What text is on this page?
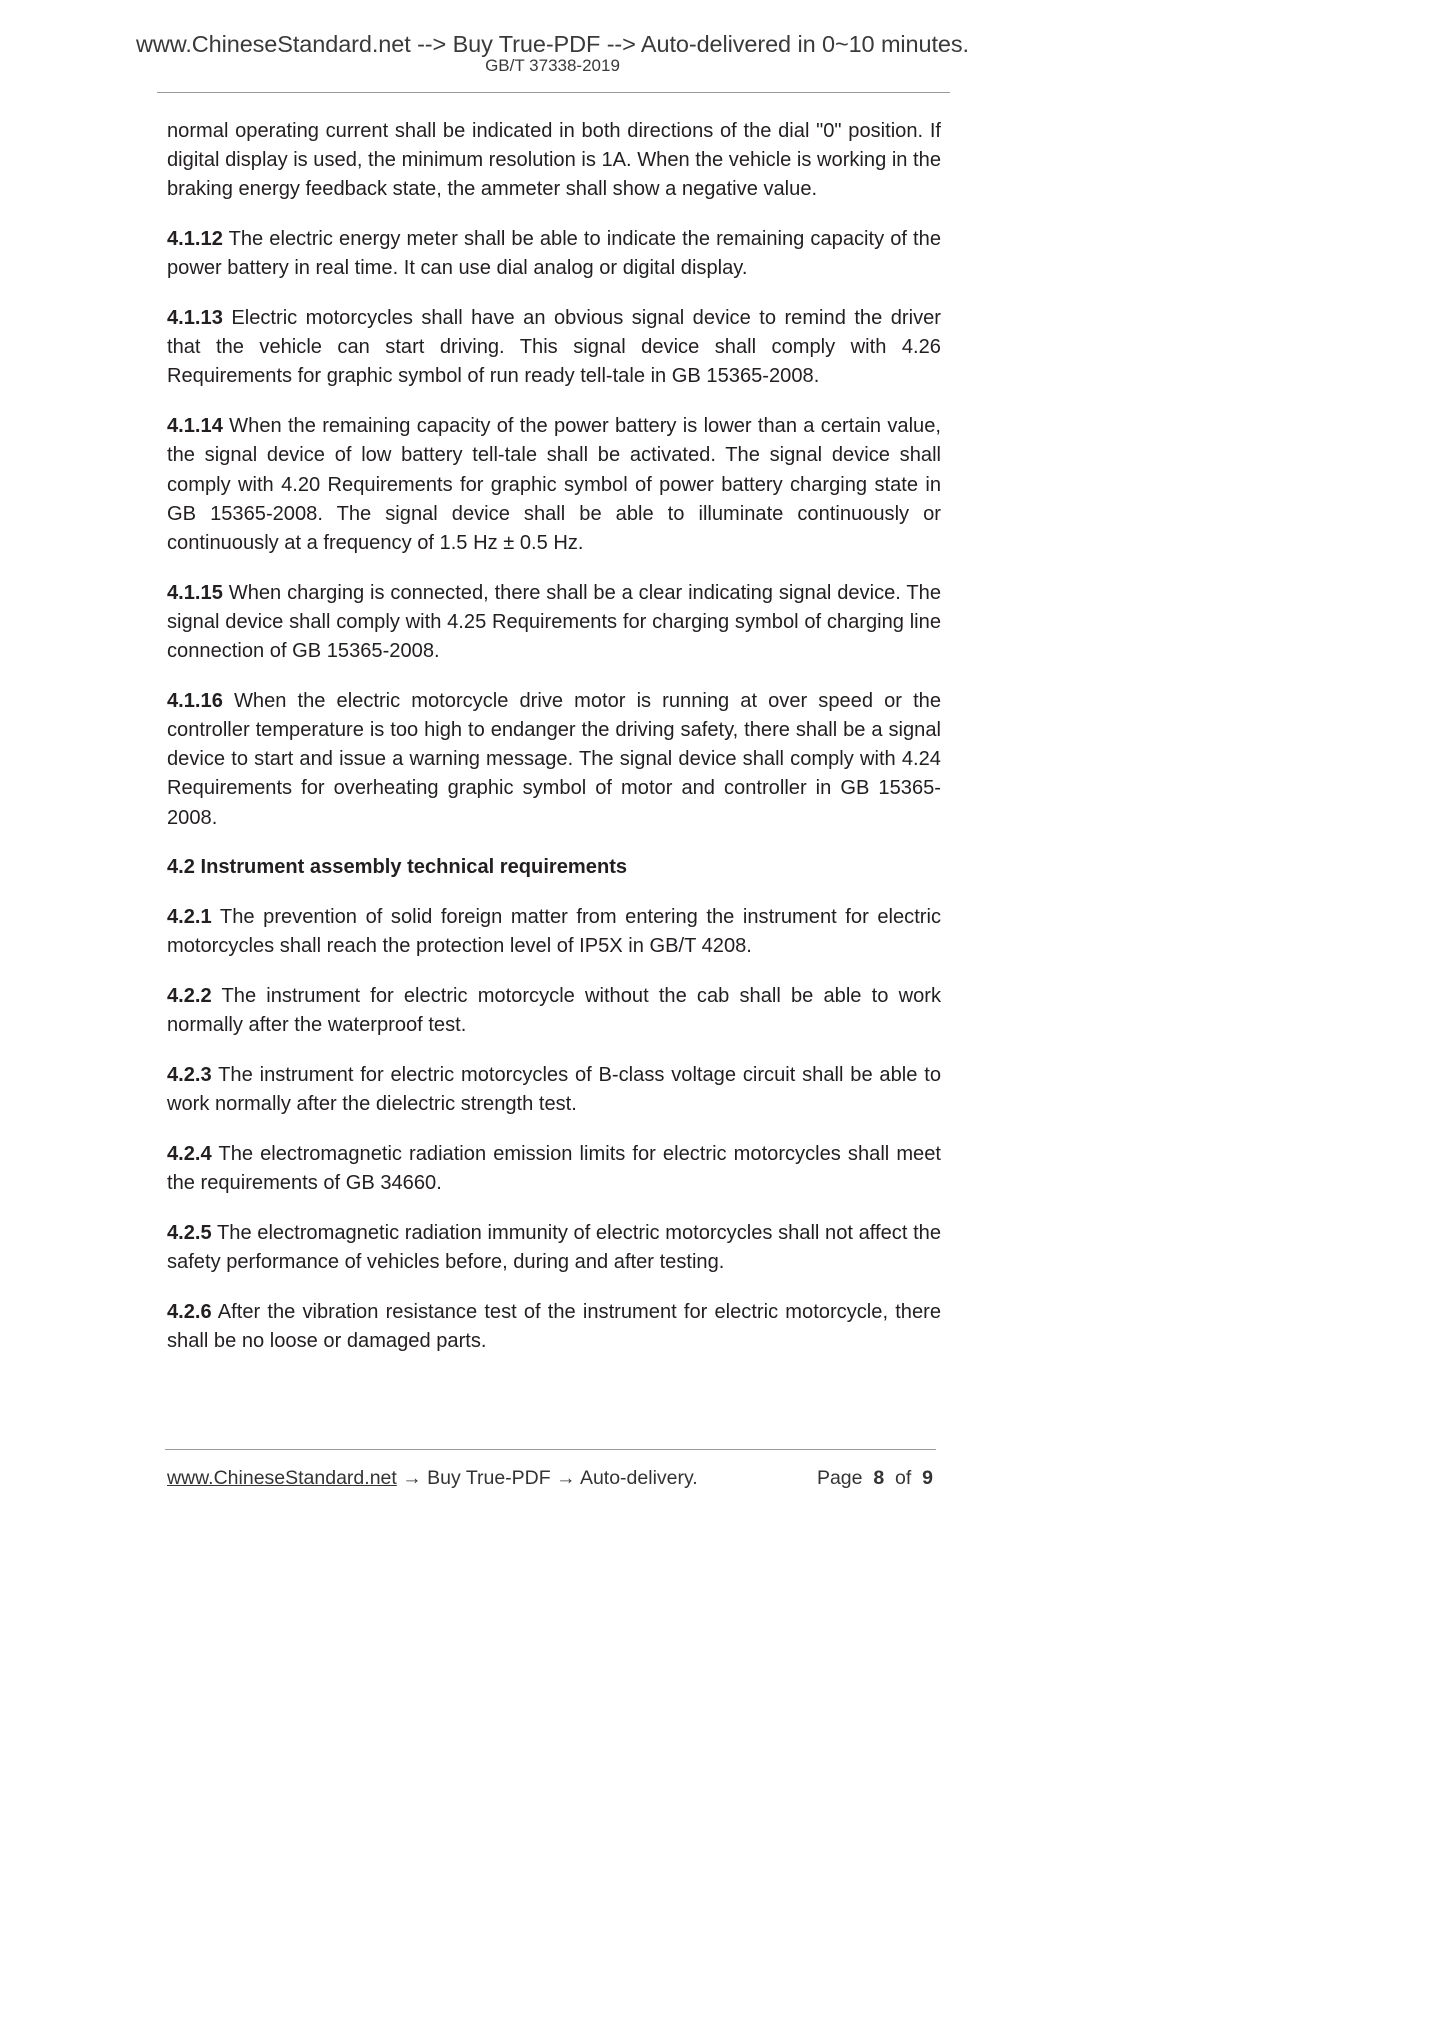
www.ChineseStandard.net --> Buy True-PDF --> Auto-delivered in 0~10 minutes.
GB/T 37338-2019

normal operating current shall be indicated in both directions of the dial "0" position. If digital display is used, the minimum resolution is 1A. When the vehicle is working in the braking energy feedback state, the ammeter shall show a negative value.

4.1.12 The electric energy meter shall be able to indicate the remaining capacity of the power battery in real time. It can use dial analog or digital display.

4.1.13 Electric motorcycles shall have an obvious signal device to remind the driver that the vehicle can start driving. This signal device shall comply with 4.26 Requirements for graphic symbol of run ready tell-tale in GB 15365-2008.

4.1.14 When the remaining capacity of the power battery is lower than a certain value, the signal device of low battery tell-tale shall be activated. The signal device shall comply with 4.20 Requirements for graphic symbol of power battery charging state in GB 15365-2008. The signal device shall be able to illuminate continuously or continuously at a frequency of 1.5 Hz ± 0.5 Hz.

4.1.15 When charging is connected, there shall be a clear indicating signal device. The signal device shall comply with 4.25 Requirements for charging symbol of charging line connection of GB 15365-2008.

4.1.16 When the electric motorcycle drive motor is running at over speed or the controller temperature is too high to endanger the driving safety, there shall be a signal device to start and issue a warning message. The signal device shall comply with 4.24 Requirements for overheating graphic symbol of motor and controller in GB 15365-2008.

4.2 Instrument assembly technical requirements

4.2.1 The prevention of solid foreign matter from entering the instrument for electric motorcycles shall reach the protection level of IP5X in GB/T 4208.

4.2.2 The instrument for electric motorcycle without the cab shall be able to work normally after the waterproof test.

4.2.3 The instrument for electric motorcycles of B-class voltage circuit shall be able to work normally after the dielectric strength test.

4.2.4 The electromagnetic radiation emission limits for electric motorcycles shall meet the requirements of GB 34660.

4.2.5 The electromagnetic radiation immunity of electric motorcycles shall not affect the safety performance of vehicles before, during and after testing.

4.2.6 After the vibration resistance test of the instrument for electric motorcycle, there shall be no loose or damaged parts.

www.ChineseStandard.net → Buy True-PDF → Auto-delivery.	Page 8 of 9
